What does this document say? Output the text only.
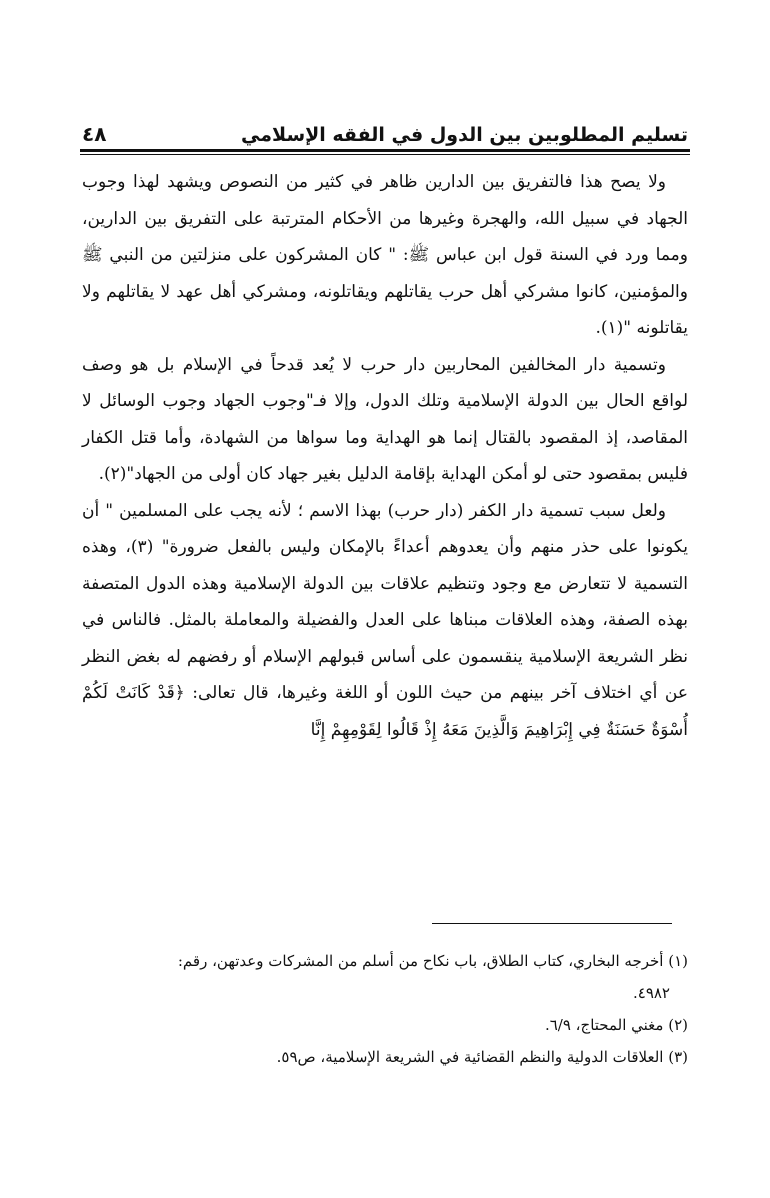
تسليم المطلوبين بين الدول في الفقه الإسلامي
٤٨

ولا يصح هذا فالتفريق بين الدارين ظاهر في كثير من النصوص ويشهد لهذا وجوب الجهاد في سبيل الله، والهجرة وغيرها من الأحكام المترتبة على التفريق بين الدارين، ومما ورد في السنة قول ابن عباس ﷺ: " كان المشركون على منزلتين من النبي ﷺ والمؤمنين، كانوا مشركي أهل حرب يقاتلهم ويقاتلونه، ومشركي أهل عهد لا يقاتلهم ولا يقاتلونه "(١).

وتسمية دار المخالفين المحاربين دار حرب لا يُعد قدحاً في الإسلام بل هو وصف لواقع الحال بين الدولة الإسلامية وتلك الدول، وإلا فـ"وجوب الجهاد وجوب الوسائل لا المقاصد، إذ المقصود بالقتال إنما هو الهداية وما سواها من الشهادة، وأما قتل الكفار فليس بمقصود حتى لو أمكن الهداية بإقامة الدليل بغير جهاد كان أولى من الجهاد"(٢).

ولعل سبب تسمية دار الكفر (دار حرب) بهذا الاسم ؛ لأنه يجب على المسلمين " أن يكونوا على حذر منهم وأن يعدوهم أعداءً بالإمكان وليس بالفعل ضرورة" (٣)، وهذه التسمية لا تتعارض مع وجود وتنظيم علاقات بين الدولة الإسلامية وهذه الدول المتصفة بهذه الصفة، وهذه العلاقات مبناها على العدل والفضيلة والمعاملة بالمثل. فالناس في نظر الشريعة الإسلامية ينقسمون على أساس قبولهم الإسلام أو رفضهم له بغض النظر عن أي اختلاف آخر بينهم من حيث اللون أو اللغة وغيرها، قال تعالى: ﴿قَدْ كَانَتْ لَكُمْ أُسْوَةٌ حَسَنَةٌ فِي إِبْرَاهِيمَ وَالَّذِينَ مَعَهُ إِذْ قَالُوا لِقَوْمِهِمْ إِنَّا

(١) أخرجه البخاري، كتاب الطلاق، باب نكاح من أسلم من المشركات وعدتهن، رقم:

٤٩٨٢.

(٢) مغني المحتاج، ٦/٩.

(٣) العلاقات الدولية والنظم القضائية في الشريعة الإسلامية، ص٥٩.
